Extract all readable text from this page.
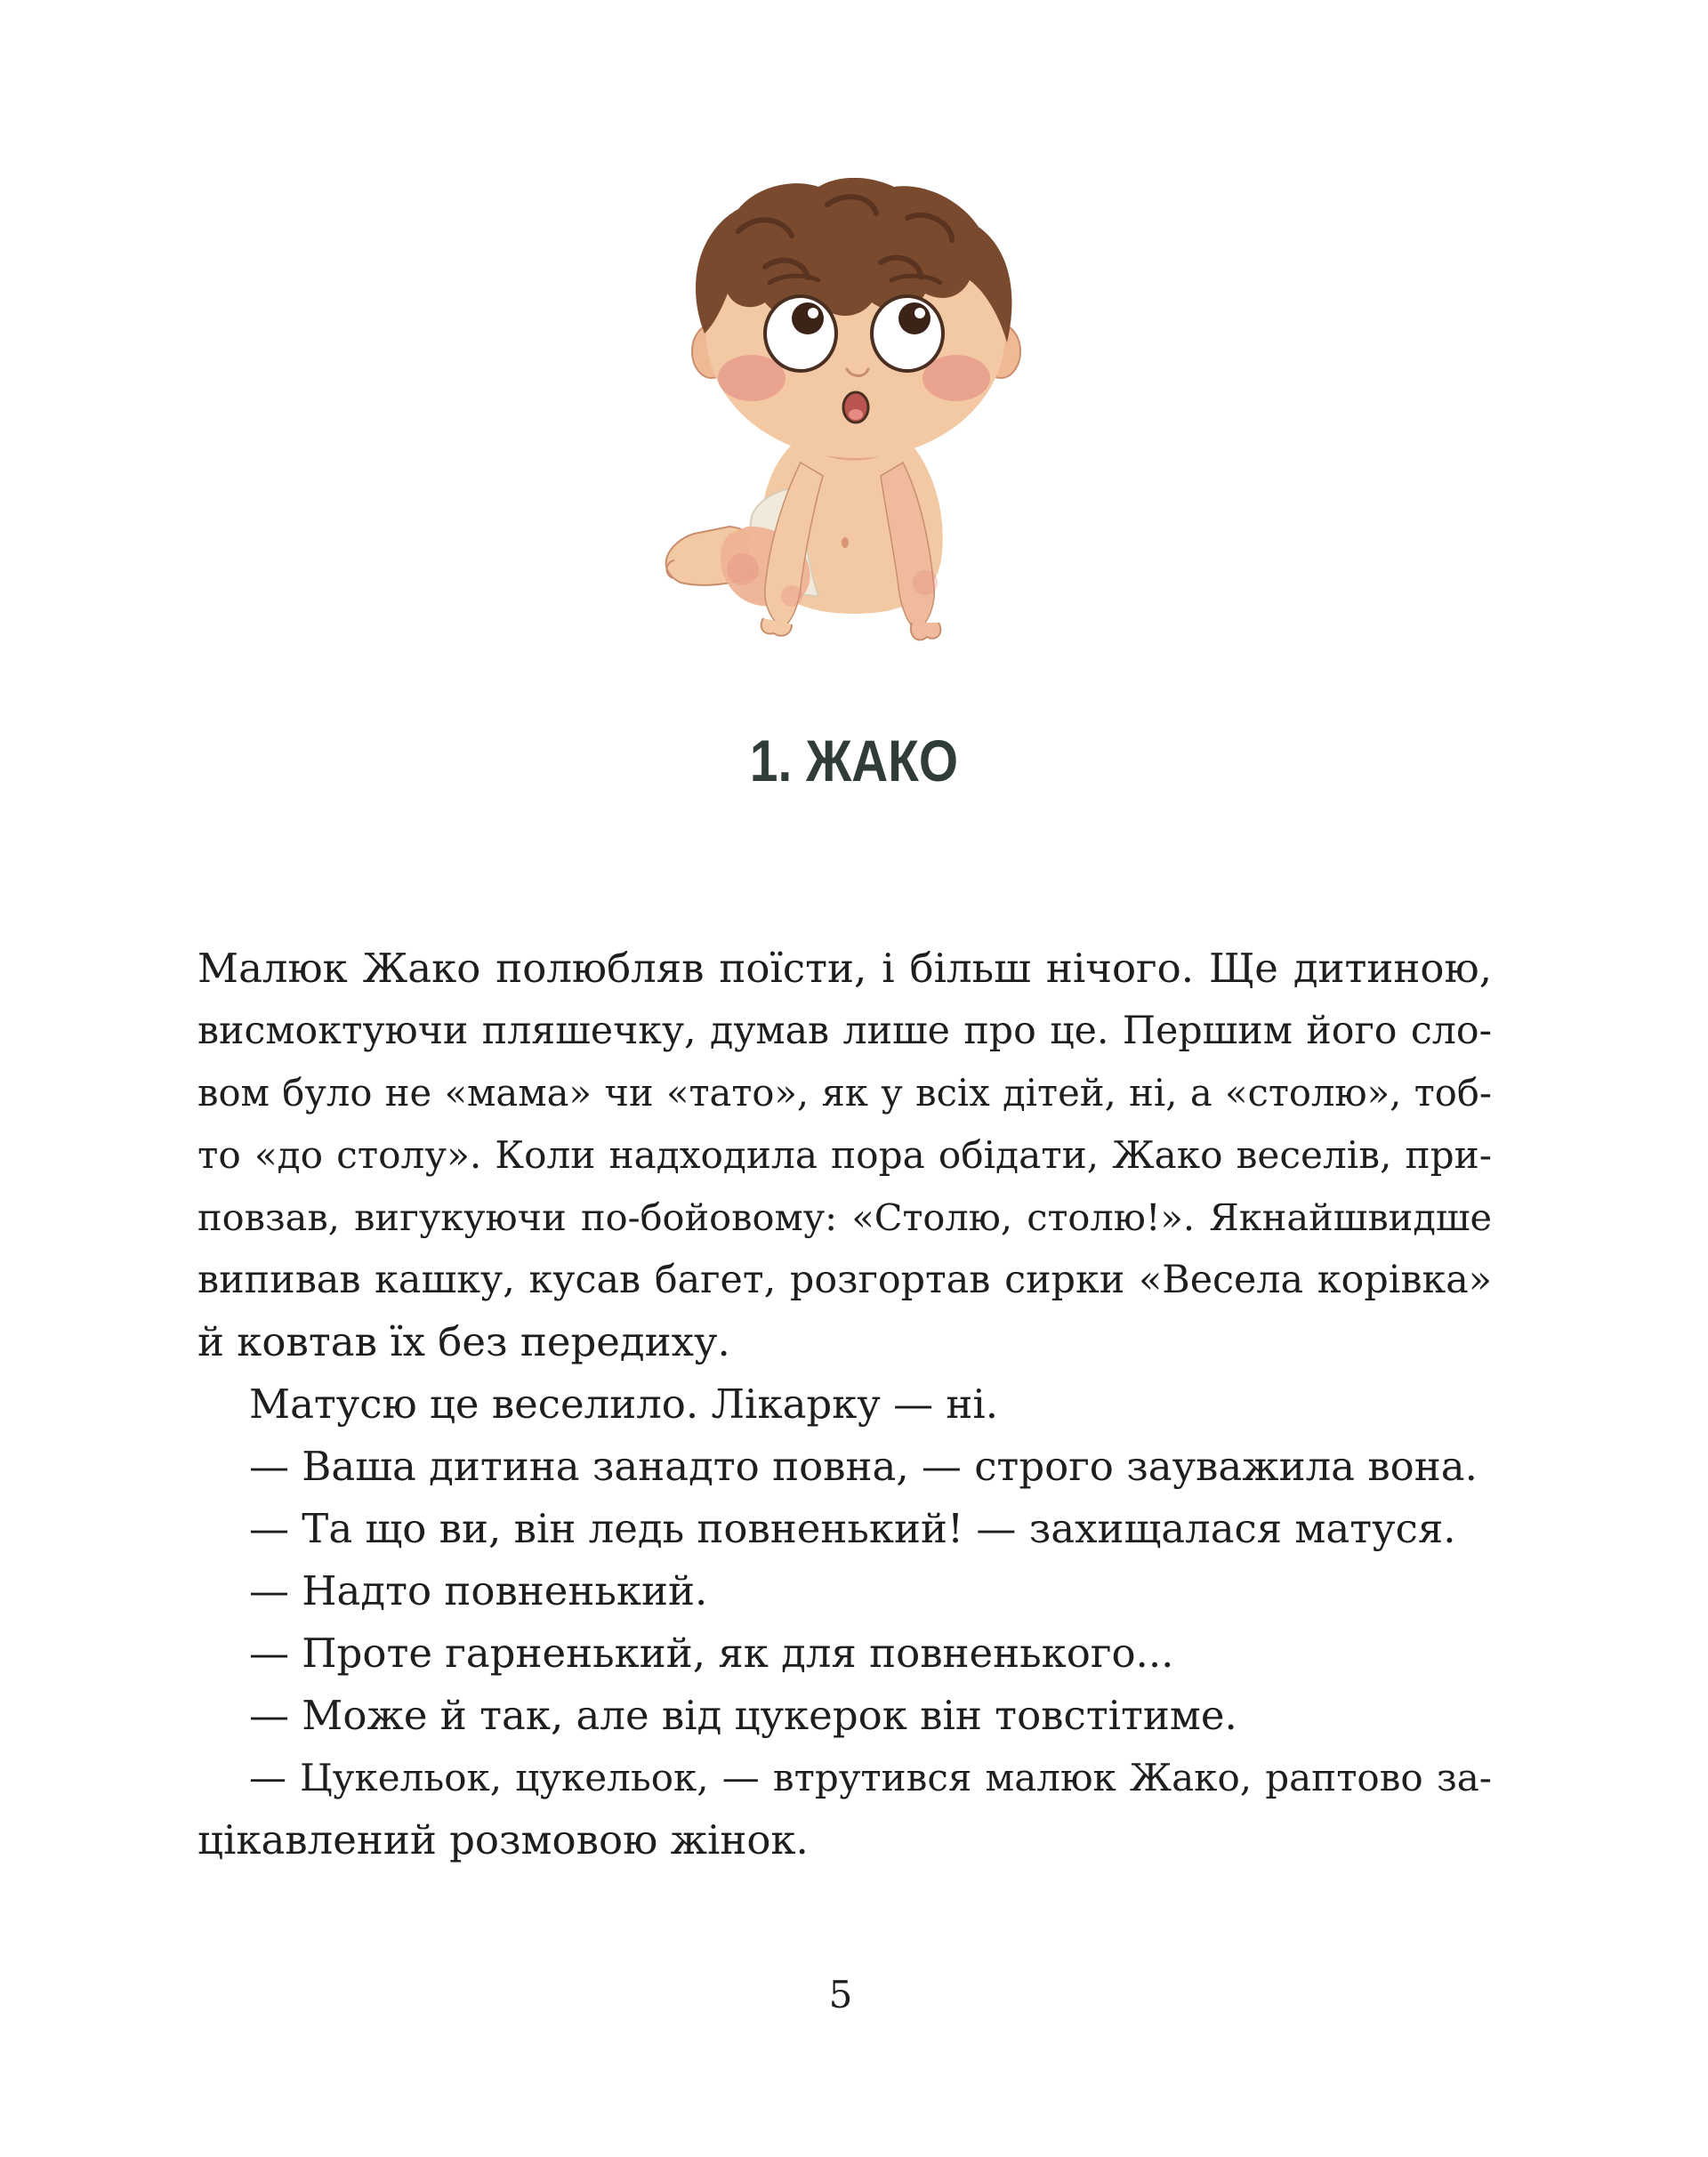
1. ЖАКО
Малюк Жако полюбляв поїсти, і більш нічого. Ще дитиною,
висмоктуючи пляшечку, думав лише про це. Першим його сло-
вом було не «мама» чи «тато», як у всіх дітей, ні, а «столю», тоб-
то «до столу». Коли надходила пора обідати, Жако веселів, при-
повзав, вигукуючи по-бойовому: «Столю, столю!». Якнайшвидше
випивав кашку, кусав багет, розгортав сирки «Весела корівка»
й ковтав їх без передиху.
Матусю це веселило. Лікарку — ні.
— Ваша дитина занадто повна, — строго зауважила вона.
— Та що ви, він ледь повненький! — захищалася матуся.
— Надто повненький.
— Проте гарненький, як для повненького...
— Може й так, але від цукерок він товстітиме.
— Цукельок, цукельок, — втрутився малюк Жако, раптово за-
цікавлений розмовою жінок.
5
